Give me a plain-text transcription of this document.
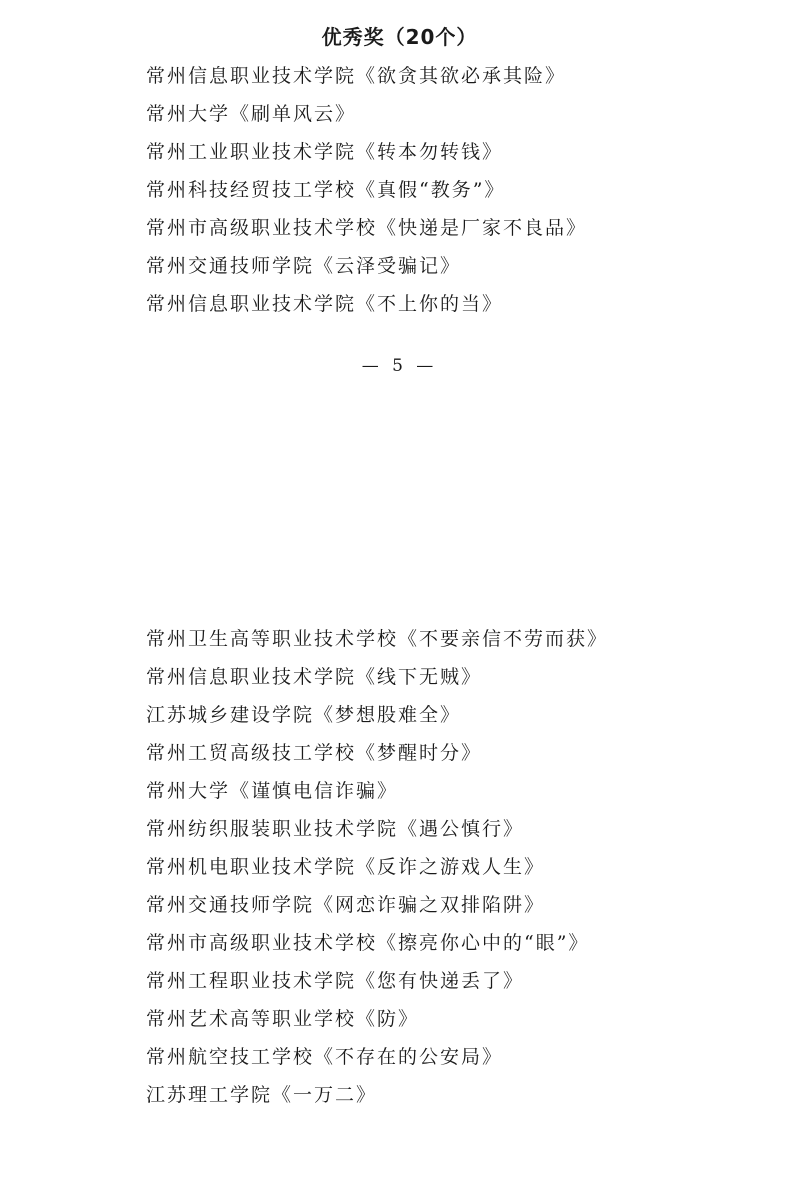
优秀奖（20个）
常州信息职业技术学院《欲贪其欲必承其险》
常州大学《刷单风云》
常州工业职业技术学院《转本勿转钱》
常州科技经贸技工学校《真假“教务”》
常州市高级职业技术学校《快递是厂家不良品》
常州交通技师学院《云泽受骗记》
常州信息职业技术学院《不上你的当》
— 5 —
常州卫生高等职业技术学校《不要亲信不劳而获》
常州信息职业技术学院《线下无贼》
江苏城乡建设学院《梦想股难全》
常州工贸高级技工学校《梦醒时分》
常州大学《谨慎电信诈骗》
常州纺织服装职业技术学院《遇公慎行》
常州机电职业技术学院《反诈之游戏人生》
常州交通技师学院《网恋诈骗之双排陷阱》
常州市高级职业技术学校《擦亮你心中的“眼”》
常州工程职业技术学院《您有快递丢了》
常州艺术高等职业学校《防》
常州航空技工学校《不存在的公安局》
江苏理工学院《一万二》
